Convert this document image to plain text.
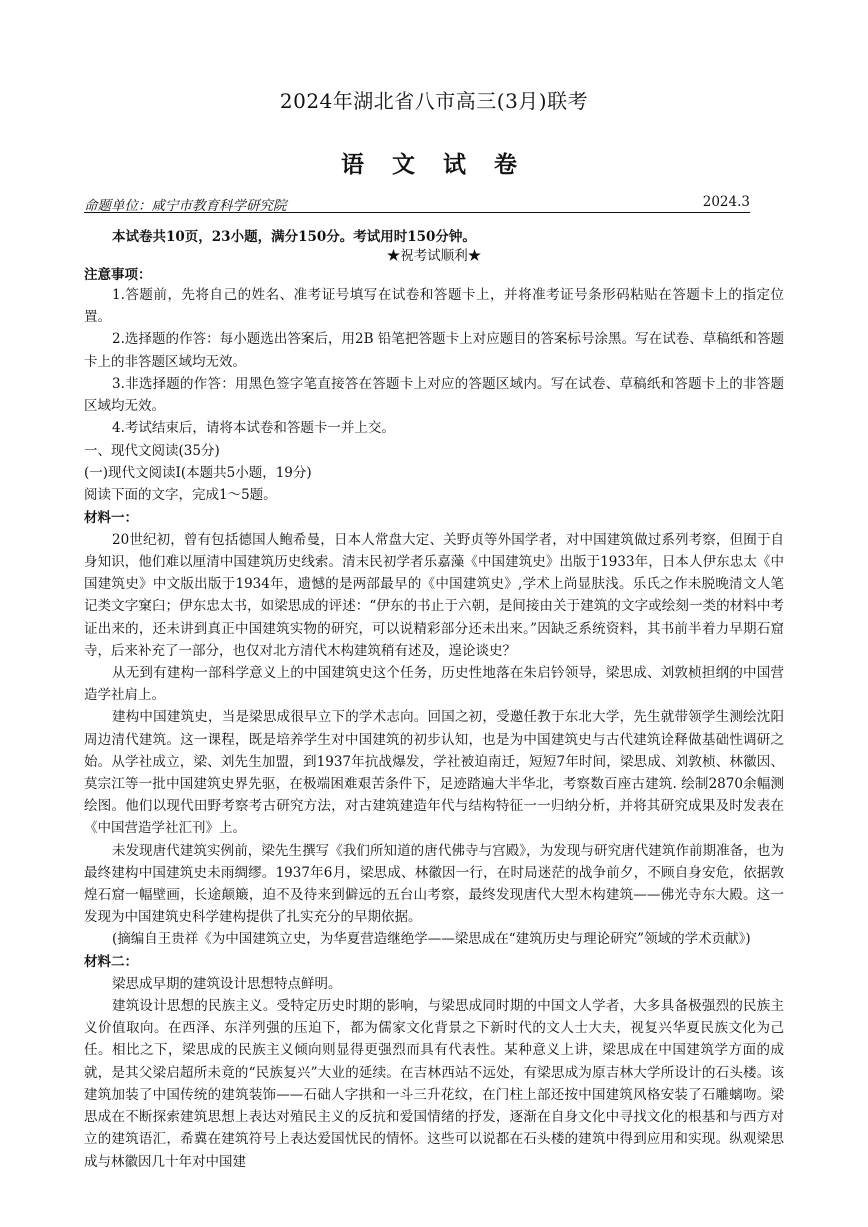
2024年湖北省八市高三(3月)联考
语 文 试 卷
命题单位：咸宁市教育科学研究院	2024.3
本试卷共10页，23小题，满分150分。考试用时150分钟。
★祝考试顺利★
注意事项：

1.答题前，先将自己的姓名、准考证号填写在试卷和答题卡上，并将准考证号条形码粘贴在答题卡上的指定位置。

2.选择题的作答：每小题选出答案后，用2B 铅笔把答题卡上对应题目的答案标号涂黑。写在试卷、草稿纸和答题卡上的非答题区域均无效。

3.非选择题的作答：用黑色签字笔直接答在答题卡上对应的答题区域内。写在试卷、草稿纸和答题卡上的非答题区域均无效。

4.考试结束后，请将本试卷和答题卡一并上交。

一、现代文阅读(35分)

(一)现代文阅读Ⅰ(本题共5小题，19分)

阅读下面的文字，完成1～5题。

材料一：

20世纪初，曾有包括德国人鲍希曼，日本人常盘大定、关野贞等外国学者，对中国建筑做过系列考察，但囿于自身知识，他们难以厘清中国建筑历史线索。清末民初学者乐嘉藻《中国建筑史》出版于1933年，日本人伊东忠太《中国建筑史》中文版出版于1934年，遗憾的是两部最早的《中国建筑史》,学术上尚显肤浅。乐氏之作未脱晚清文人笔记类文字窠臼；伊东忠太书，如梁思成的评述：“伊东的书止于六朝，是间接由关于建筑的文字或绘刻一类的材料中考证出来的，还未讲到真正中国建筑实物的研究，可以说精彩部分还未出来。”因缺乏系统资料，其书前半着力早期石窟寺，后来补充了一部分，也仅对北方清代木构建筑稍有述及，遑论谈史？

从无到有建构一部科学意义上的中国建筑史这个任务，历史性地落在朱启钤领导，梁思成、刘敦桢担纲的中国营造学社肩上。

建构中国建筑史，当是梁思成很早立下的学术志向。回国之初，受邀任教于东北大学，先生就带领学生测绘沈阳周边清代建筑。这一课程，既是培养学生对中国建筑的初步认知，也是为中国建筑史与古代建筑诠释做基础性调研之始。从学社成立，梁、刘先生加盟，到1937年抗战爆发，学社被迫南迁，短短7年时间，梁思成、刘敦桢、林徽因、莫宗江等一批中国建筑史界先驱，在极端困难艰苦条件下，足迹踏遍大半华北，考察数百座古建筑. 绘制2870余幅测绘图。他们以现代田野考察考古研究方法，对古建筑建造年代与结构特征一一归纳分析，并将其研究成果及时发表在《中国营造学社汇刊》上。

未发现唐代建筑实例前，梁先生撰写《我们所知道的唐代佛寺与宫殿》，为发现与研究唐代建筑作前期准备，也为最终建构中国建筑史未雨绸缪。1937年6月，梁思成、林徽因一行，在时局迷茫的战争前夕，不顾自身安危，依据敦煌石窟一幅壁画，长途颠簸，迫不及待来到僻远的五台山考察，最终发现唐代大型木构建筑——佛光寺东大殿。这一发现为中国建筑史科学建构提供了扎实充分的早期依据。

(摘编自王贵祥《为中国建筑立史，为华夏营造继绝学——梁思成在“建筑历史与理论研究”领域的学术贡献》)

材料二：

梁思成早期的建筑设计思想特点鲜明。

建筑设计思想的民族主义。受特定历史时期的影响，与梁思成同时期的中国文人学者，大多具备极强烈的民族主义价值取向。在西泽、东洋列强的压迫下，都为儒家文化背景之下新时代的文人士大夫，视复兴华夏民族文化为己任。相比之下，梁思成的民族主义倾向则显得更强烈而具有代表性。某种意义上讲，梁思成在中国建筑学方面的成就，是其父梁启超所未竟的“民族复兴”大业的延续。在吉林西站不远处，有梁思成为原吉林大学所设计的石头楼。该建筑加装了中国传统的建筑装饰——石础人字拱和一斗三升花纹，在门柱上部还按中国建筑风格安装了石雕螭吻。梁思成在不断探索建筑思想上表达对殖民主义的反抗和爱国情绪的抒发，逐渐在自身文化中寻找文化的根基和与西方对立的建筑语汇，希冀在建筑符号上表达爱国忧民的情怀。这些可以说都在石头楼的建筑中得到应用和实现。纵观梁思成与林徽因几十年对中国建
